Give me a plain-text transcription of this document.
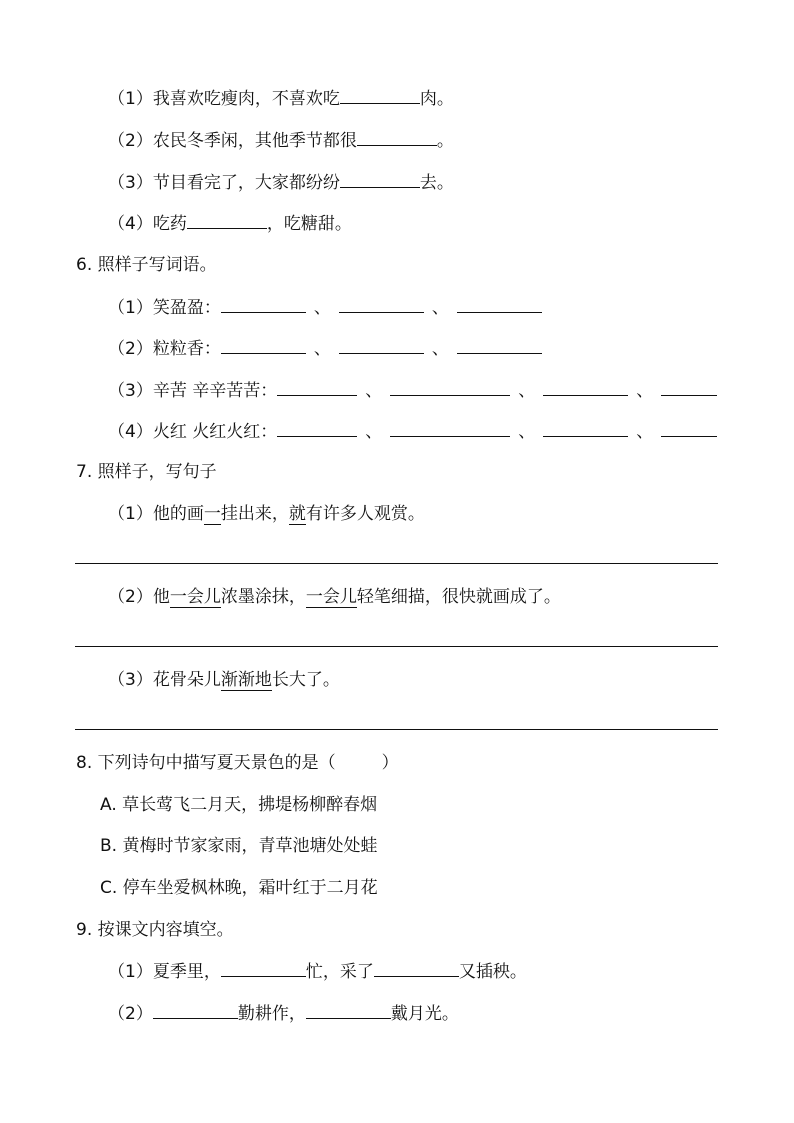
（1）我喜欢吃瘦肉，不喜欢吃	肉。
（2）农民冬季闲，其他季节都很	。
（3）节目看完了，大家都纷纷	去。
（4）吃药	，吃糖甜。
6. 照样子写词语。
（1）笑盈盈：	、	、
（2）粒粒香：	、	、
（3）辛苦 辛辛苦苦：	、	、	、
（4）火红 火红火红：	、	、	、
7. 照样子，写句子
（1）他的画一挂出来，就有许多人观赏。
（2）他一会儿浓墨涂抹，一会儿轻笔细描，很快就画成了。
（3）花骨朵儿渐渐地长大了。
8. 下列诗句中描写夏天景色的是（	）
A. 草长莺飞二月天，拂堤杨柳醉春烟
B. 黄梅时节家家雨，青草池塘处处蛙
C. 停车坐爱枫林晚，霜叶红于二月花
9. 按课文内容填空。
（1）夏季里，	忙，采了	又插秧。
（2）	勤耕作，	戴月光。
